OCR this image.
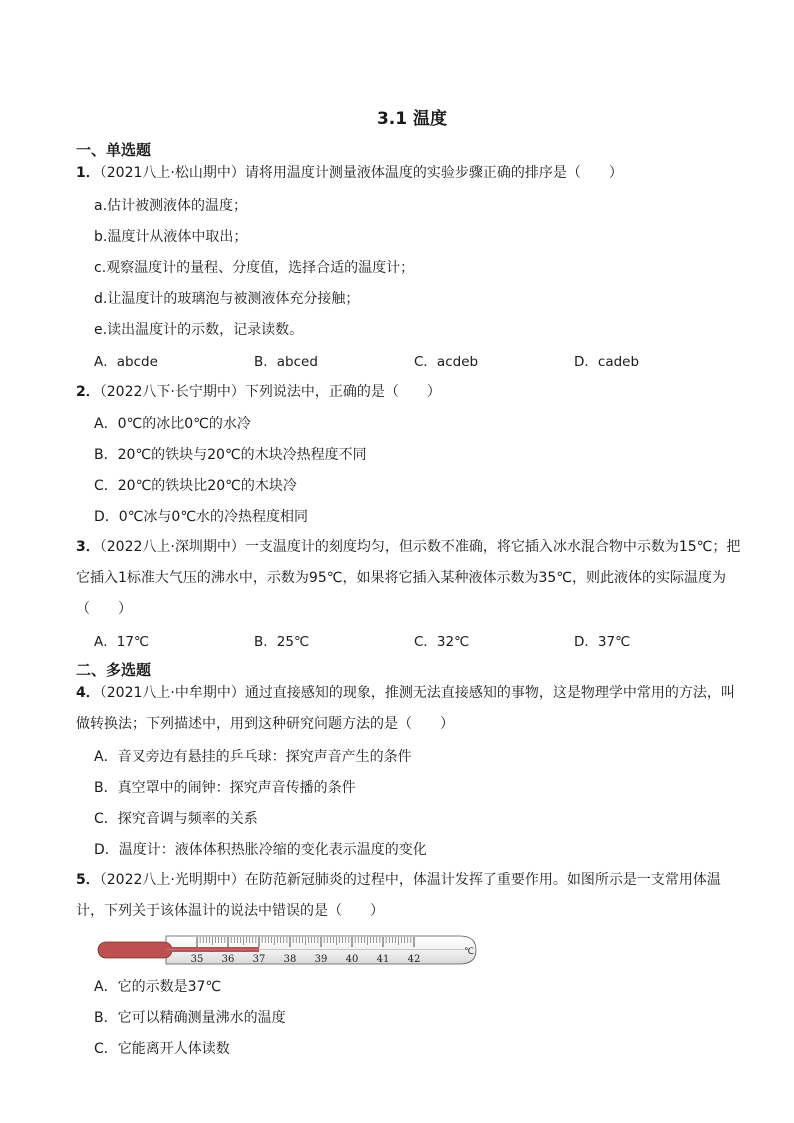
3.1 温度
一、单选题
1．（2021八上·松山期中）请将用温度计测量液体温度的实验步骤正确的排序是（　　）
a.估计被测液体的温度；
b.温度计从液体中取出；
c.观察温度计的量程、分度值，选择合适的温度计；
d.让温度计的玻璃泡与被测液体充分接触；
e.读出温度计的示数，记录读数。
A．abcde	B．abced	C．acdeb	D．cadeb
2．（2022八下·长宁期中）下列说法中，正确的是（　　）
A．0℃的冰比0℃的水冷
B．20℃的铁块与20℃的木块冷热程度不同
C．20℃的铁块比20℃的木块冷
D．0℃冰与0℃水的冷热程度相同
3．（2022八上·深圳期中）一支温度计的刻度均匀，但示数不准确，将它插入冰水混合物中示数为15℃；把它插入1标准大气压的沸水中，示数为95℃，如果将它插入某种液体示数为35℃，则此液体的实际温度为（　　）
A．17℃	B．25℃	C．32℃	D．37℃
二、多选题
4．（2021八上·中牟期中）通过直接感知的现象，推测无法直接感知的事物，这是物理学中常用的方法，叫做转换法；下列描述中，用到这种研究问题方法的是（　　）
A．音叉旁边有悬挂的乒乓球：探究声音产生的条件
B．真空罩中的闹钟：探究声音传播的条件
C．探究音调与频率的关系
D．温度计：液体体积热胀冷缩的变化表示温度的变化
5．（2022八上·光明期中）在防范新冠肺炎的过程中，体温计发挥了重要作用。如图所示是一支常用体温计，下列关于该体温计的说法中错误的是（　　）
35 36 37 38 39 40 41 42
℃
A．它的示数是37℃
B．它可以精确测量沸水的温度
C．它能离开人体读数
